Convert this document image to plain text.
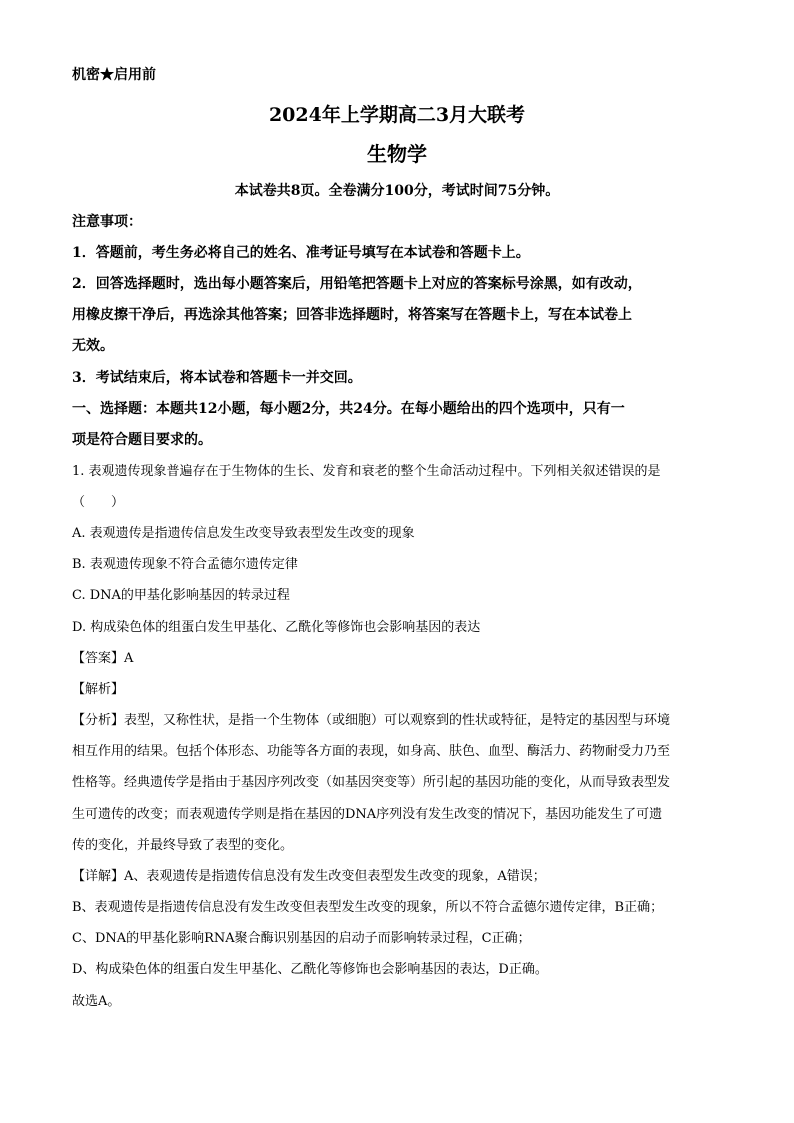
机密★启用前
2024年上学期高二3月大联考
生物学
本试卷共8页。全卷满分100分，考试时间75分钟。
注意事项：
1．答题前，考生务必将自己的姓名、准考证号填写在本试卷和答题卡上。
2．回答选择题时，选出每小题答案后，用铅笔把答题卡上对应的答案标号涂黑，如有改动，
用橡皮擦干净后，再选涂其他答案；回答非选择题时，将答案写在答题卡上，写在本试卷上
无效。
3．考试结束后，将本试卷和答题卡一并交回。
一、选择题：本题共12小题，每小题2分，共24分。在每小题给出的四个选项中，只有一
项是符合题目要求的。
1. 表观遗传现象普遍存在于生物体的生长、发育和衰老的整个生命活动过程中。下列相关叙述错误的是
（　　）
A. 表观遗传是指遗传信息发生改变导致表型发生改变的现象
B. 表观遗传现象不符合孟德尔遗传定律
C. DNA的甲基化影响基因的转录过程
D. 构成染色体的组蛋白发生甲基化、乙酰化等修饰也会影响基因的表达
【答案】A
【解析】
【分析】表型，又称性状，是指一个生物体（或细胞）可以观察到的性状或特征，是特定的基因型与环境
相互作用的结果。包括个体形态、功能等各方面的表现，如身高、肤色、血型、酶活力、药物耐受力乃至
性格等。经典遗传学是指由于基因序列改变（如基因突变等）所引起的基因功能的变化，从而导致表型发
生可遗传的改变；而表观遗传学则是指在基因的DNA序列没有发生改变的情况下，基因功能发生了可遗
传的变化，并最终导致了表型的变化。
【详解】A、表观遗传是指遗传信息没有发生改变但表型发生改变的现象，A错误；
B、表观遗传是指遗传信息没有发生改变但表型发生改变的现象，所以不符合孟德尔遗传定律，B正确；
C、DNA的甲基化影响RNA聚合酶识别基因的启动子而影响转录过程，C正确；
D、构成染色体的组蛋白发生甲基化、乙酰化等修饰也会影响基因的表达，D正确。
故选A。
